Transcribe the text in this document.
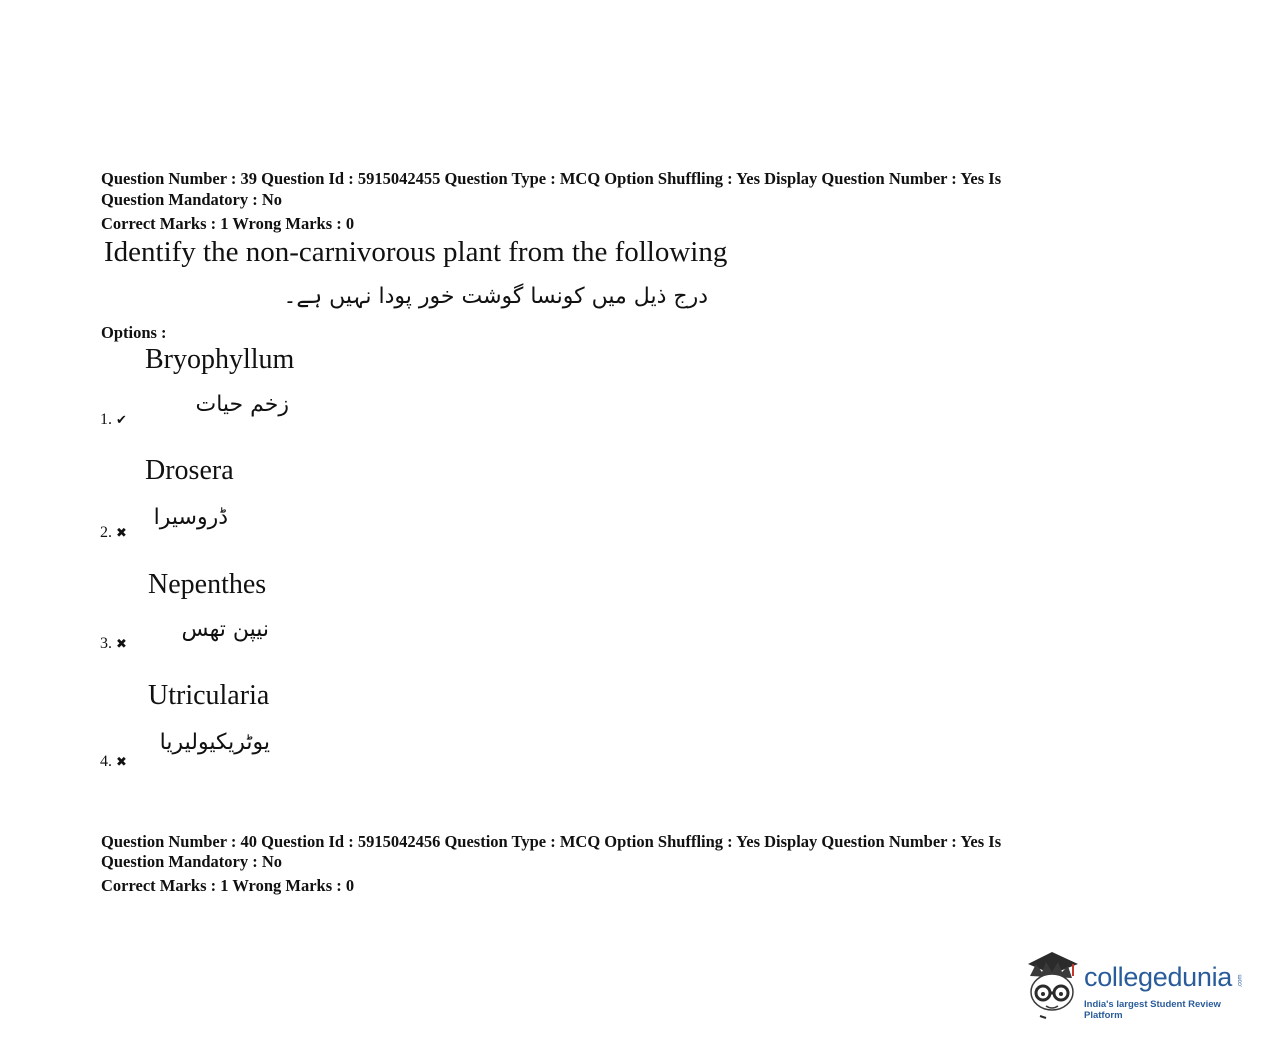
Question Number : 39 Question Id : 5915042455 Question Type : MCQ Option Shuffling : Yes Display Question Number : Yes Is
Question Mandatory : No
Correct Marks : 1 Wrong Marks : 0
Identify the non-carnivorous plant from the following
درج ذیل میں کونسا گوشت خور پودا نہیں ہے۔
Options :
Bryophyllum
زخم حیات
1. ✔
Drosera
ڈروسیرا
2. ✖
Nepenthes
نیپن تھس
3. ✖
Utricularia
یوٹریکیولیریا
4. ✖
Question Number : 40 Question Id : 5915042456 Question Type : MCQ Option Shuffling : Yes Display Question Number : Yes Is
Question Mandatory : No
Correct Marks : 1 Wrong Marks : 0
collegedunia .com
India's largest Student Review Platform
